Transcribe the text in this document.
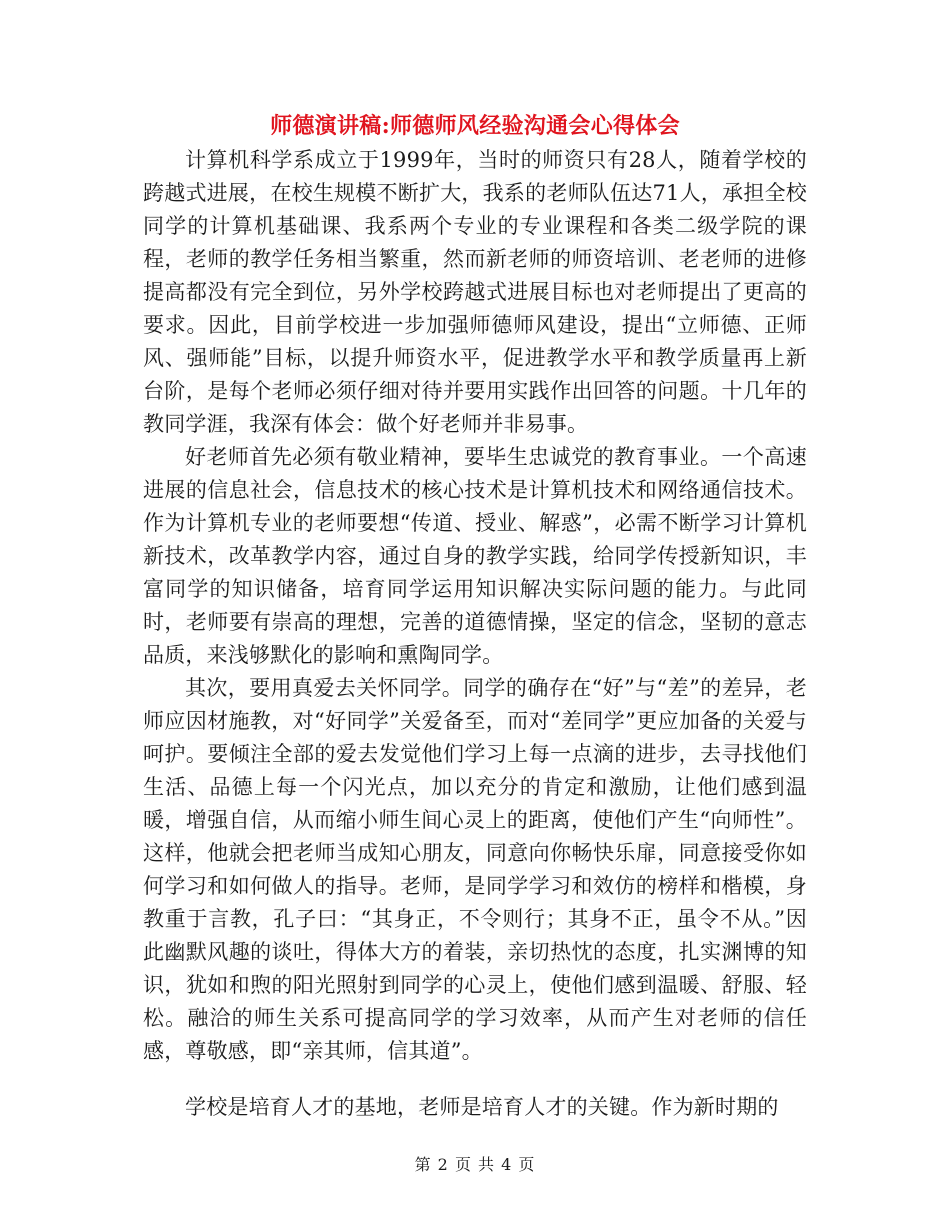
师德演讲稿:师德师风经验沟通会心得体会

计算机科学系成立于1999年，当时的师资只有28人，随着学校的跨越式进展，在校生规模不断扩大，我系的老师队伍达71人，承担全校同学的计算机基础课、我系两个专业的专业课程和各类二级学院的课程，老师的教学任务相当繁重，然而新老师的师资培训、老老师的进修提高都没有完全到位，另外学校跨越式进展目标也对老师提出了更高的要求。因此，目前学校进一步加强师德师风建设，提出“立师德、正师风、强师能”目标，以提升师资水平，促进教学水平和教学质量再上新台阶，是每个老师必须仔细对待并要用实践作出回答的问题。十几年的教同学涯，我深有体会：做个好老师并非易事。

好老师首先必须有敬业精神，要毕生忠诚党的教育事业。一个高速进展的信息社会，信息技术的核心技术是计算机技术和网络通信技术。作为计算机专业的老师要想“传道、授业、解惑”，必需不断学习计算机新技术，改革教学内容，通过自身的教学实践，给同学传授新知识，丰富同学的知识储备，培育同学运用知识解决实际问题的能力。与此同时，老师要有崇高的理想，完善的道德情操，坚定的信念，坚韧的意志品质，来浅够默化的影响和熏陶同学。

其次，要用真爱去关怀同学。同学的确存在“好”与“差”的差异，老师应因材施教，对“好同学”关爱备至，而对“差同学”更应加备的关爱与呵护。要倾注全部的爱去发觉他们学习上每一点滴的进步，去寻找他们生活、品德上每一个闪光点，加以充分的肯定和激励，让他们感到温暖，增强自信，从而缩小师生间心灵上的距离，使他们产生“向师性”。这样，他就会把老师当成知心朋友，同意向你畅快乐扉，同意接受你如何学习和如何做人的指导。老师，是同学学习和效仿的榜样和楷模，身教重于言教，孔子曰：“其身正，不令则行；其身不正，虽令不从。”因此幽默风趣的谈吐，得体大方的着装，亲切热忱的态度，扎实渊博的知识，犹如和煦的阳光照射到同学的心灵上，使他们感到温暖、舒服、轻松。融洽的师生关系可提高同学的学习效率，从而产生对老师的信任感，尊敬感，即“亲其师，信其道”。

学校是培育人才的基地，老师是培育人才的关键。作为新时期的

第 2 页 共 4 页
